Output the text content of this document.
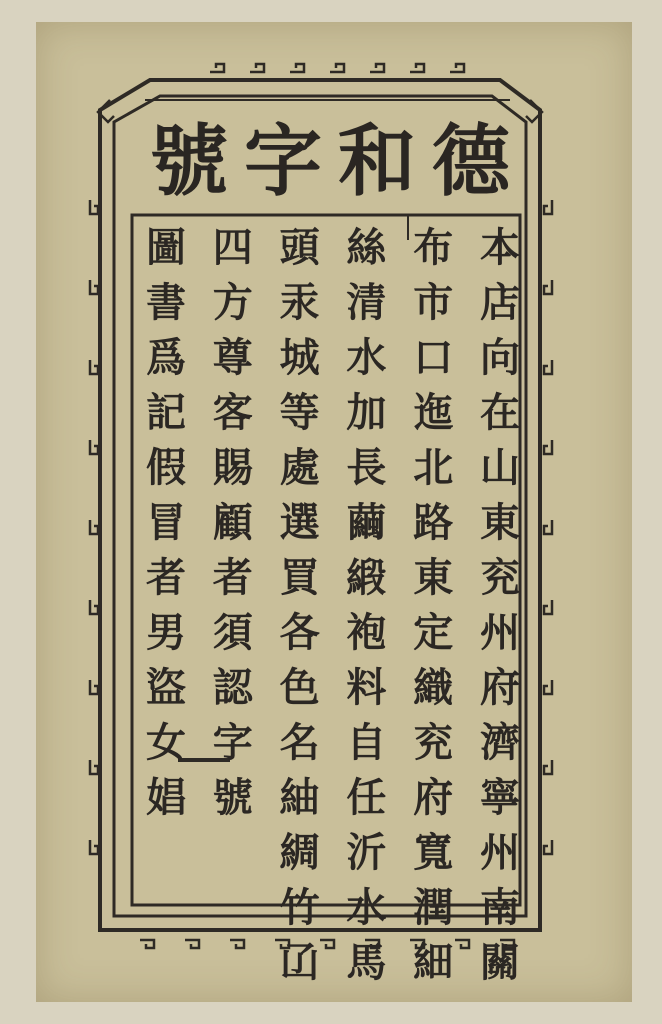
德
和
字
號
本
店
向
在
山
東
兖
州
府
濟
寧
州
南
關
布
市
口
迤
北
路
東
定
織
兖
府
寬
潤
細
絲
清
水
加
長
繭
緞
袍
料
自
任
沂
水
馬
頭
汞
城
等
處
選
買
各
色
名
紬
綢
竹
𠙶
四
方
尊
客
賜
顧
者
須
認
字
號
圖
書
爲
記
假
冒
者
男
盜
女
娼
